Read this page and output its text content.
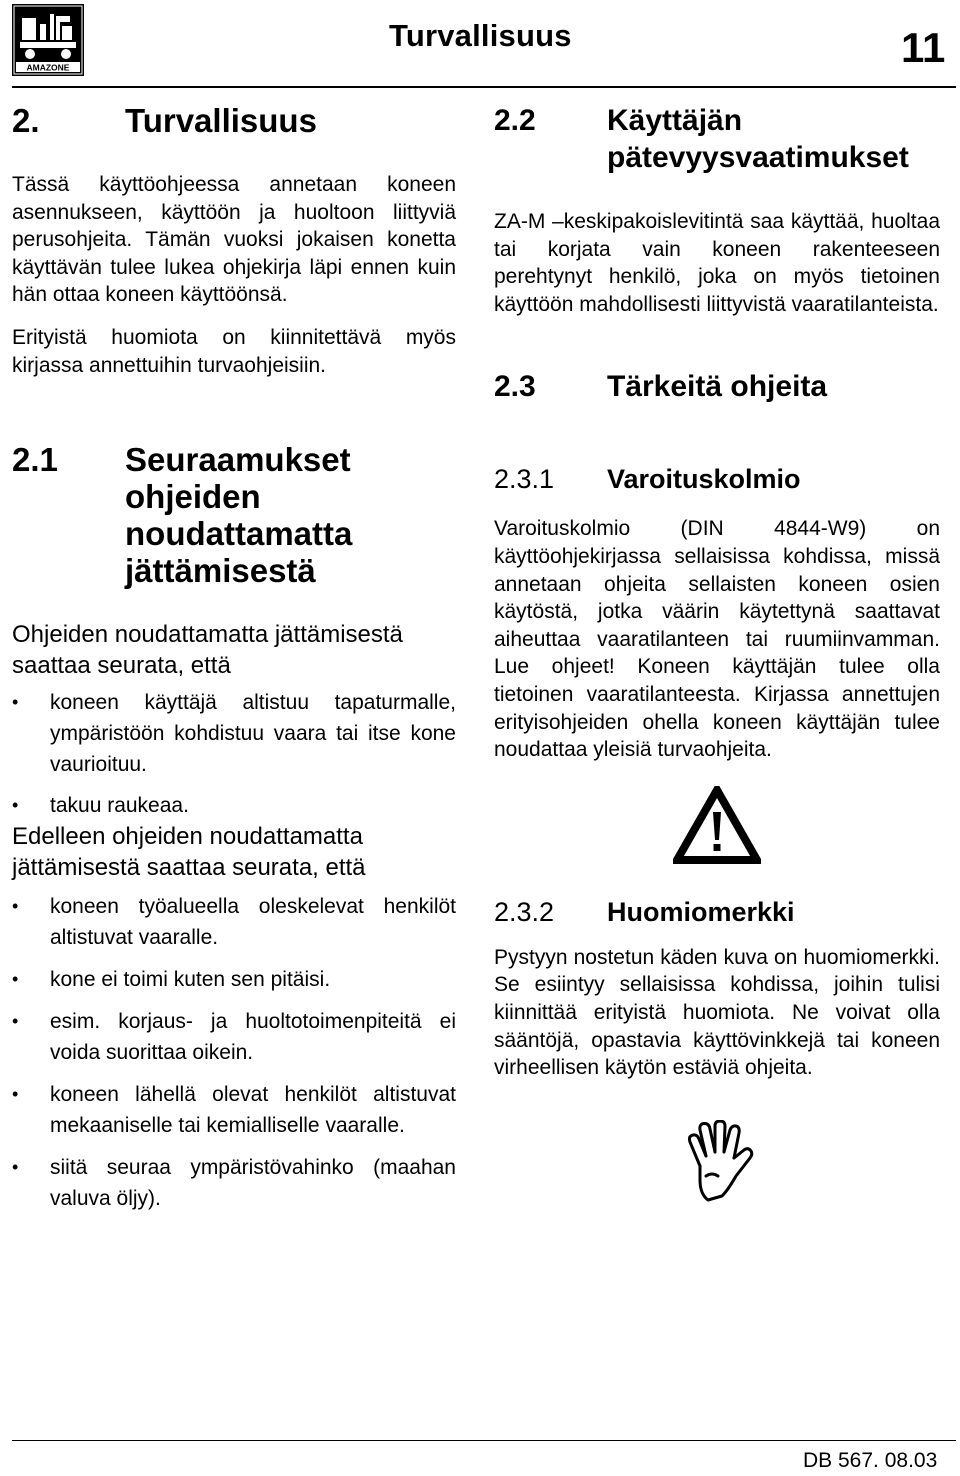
AMAZONE
Turvallisuus	11
2.	Turvallisuus

Tässä käyttöohjeessa annetaan koneen asennukseen, käyttöön ja huoltoon liittyviä perusohjeita. Tämän vuoksi jokaisen konetta käyttävän tulee lukea ohjekirja läpi ennen kuin hän ottaa koneen käyttöönsä.

Erityistä huomiota on kiinnitettävä myös kirjassa annettuihin turvaohjeisiin.

2.1	Seuraamukset ohjeiden noudattamatta jättämisestä

Ohjeiden noudattamatta jättämisestä saattaa seurata, että

• koneen käyttäjä altistuu tapaturmalle, ympäristöön kohdistuu vaara tai itse kone vaurioituu.
• takuu raukeaa.

Edelleen ohjeiden noudattamatta jättämisestä saattaa seurata, että

• koneen työalueella oleskelevat henkilöt altistuvat vaaralle.
• kone ei toimi kuten sen pitäisi.
• esim. korjaus- ja huoltotoimenpiteitä ei voida suorittaa oikein.
• koneen lähellä olevat henkilöt altistuvat mekaaniselle tai kemialliselle vaaralle.
• siitä seuraa ympäristövahinko (maahan valuva öljy).
2.2	Käyttäjän pätevyysvaatimukset

ZA-M –keskipakoislevitintä saa käyttää, huoltaa tai korjata vain koneen rakenteeseen perehtynyt henkilö, joka on myös tietoinen käyttöön mahdollisesti liittyvistä vaaratilanteista.

2.3	Tärkeitä ohjeita
2.3.1	Varoituskolmio

Varoituskolmio (DIN 4844-W9) on käyttöohjekirjassa sellaisissa kohdissa, missä annetaan ohjeita sellaisten koneen osien käytöstä, jotka väärin käytettynä saattavat aiheuttaa vaaratilanteen tai ruumiinvamman. Lue ohjeet! Koneen käyttäjän tulee olla tietoinen vaaratilanteesta. Kirjassa annettujen erityisohjeiden ohella koneen käyttäjän tulee noudattaa yleisiä turvaohjeita.

2.3.2	Huomiomerkki

Pystyyn nostetun käden kuva on huomiomerkki. Se esiintyy sellaisissa kohdissa, joihin tulisi kiinnittää erityistä huomiota. Ne voivat olla sääntöjä, opastavia käyttövinkkejä tai koneen virheellisen käytön estäviä ohjeita.

DB 567. 08.03
